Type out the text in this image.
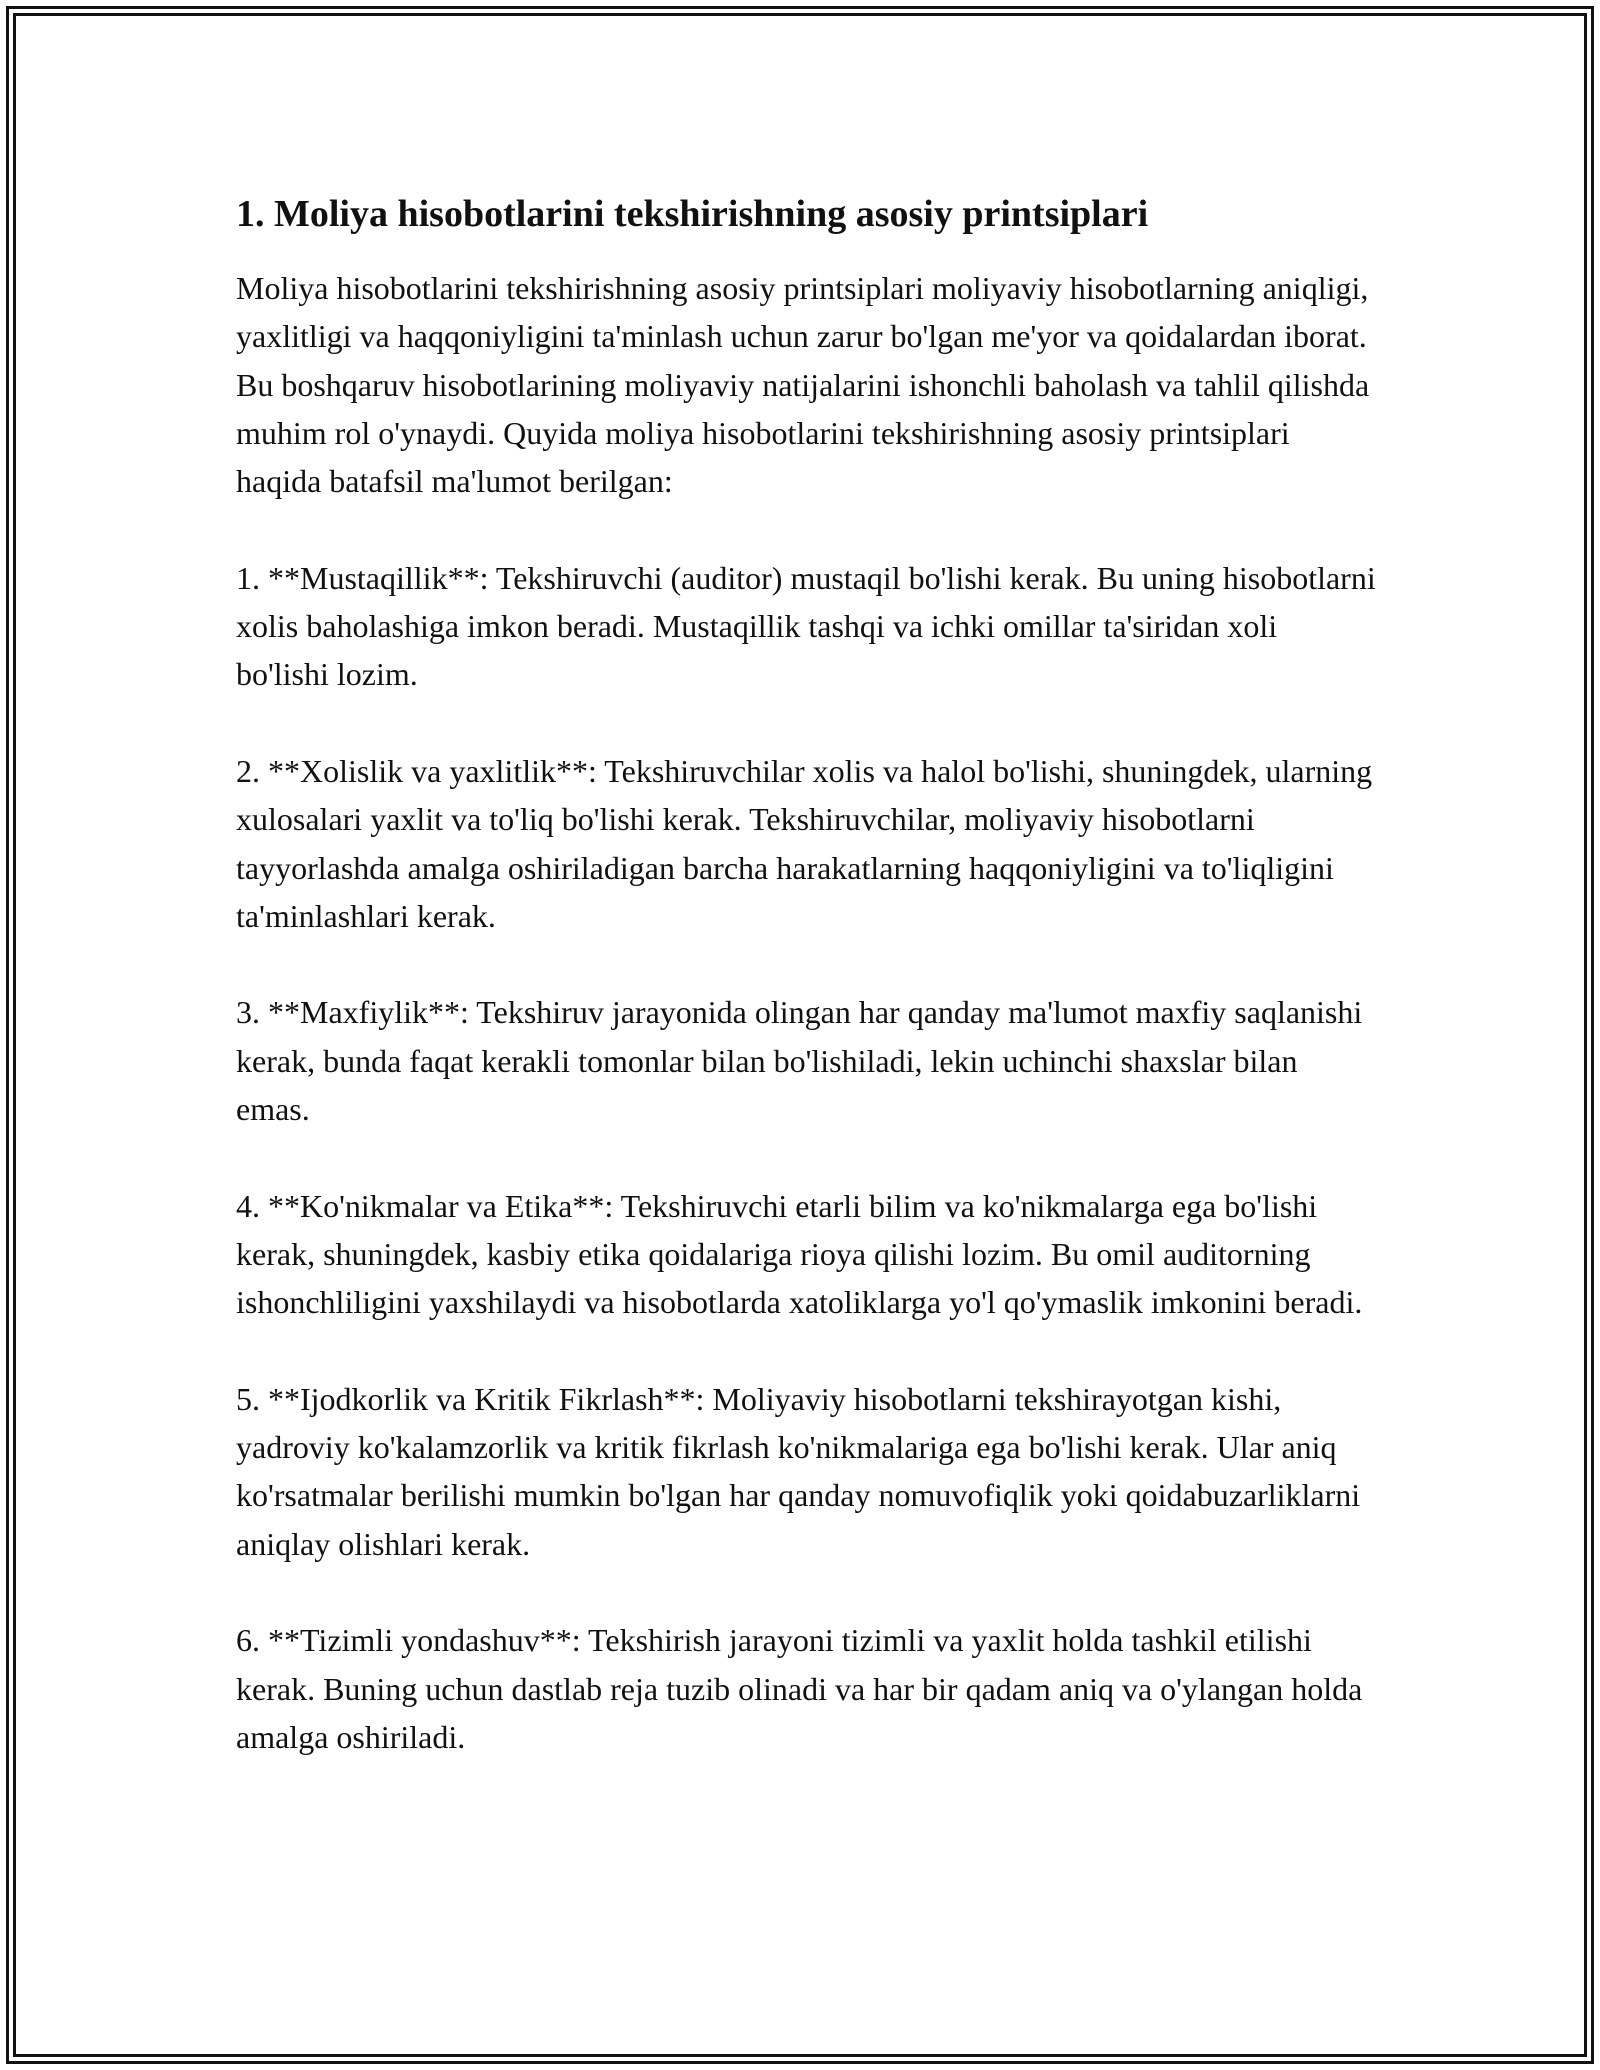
1. Moliya hisobotlarini tekshirishning asosiy printsiplari

Moliya hisobotlarini tekshirishning asosiy printsiplari moliyaviy hisobotlarning aniqligi, yaxlitligi va haqqoniyligini ta'minlash uchun zarur bo'lgan me'yor va qoidalardan iborat. Bu boshqaruv hisobotlarining moliyaviy natijalarini ishonchli baholash va tahlil qilishda muhim rol o'ynaydi. Quyida moliya hisobotlarini tekshirishning asosiy printsiplari haqida batafsil ma'lumot berilgan:

1. **Mustaqillik**: Tekshiruvchi (auditor) mustaqil bo'lishi kerak. Bu uning hisobotlarni xolis baholashiga imkon beradi. Mustaqillik tashqi va ichki omillar ta'siridan xoli bo'lishi lozim.

2. **Xolislik va yaxlitlik**: Tekshiruvchilar xolis va halol bo'lishi, shuningdek, ularning xulosalari yaxlit va to'liq bo'lishi kerak. Tekshiruvchilar, moliyaviy hisobotlarni tayyorlashda amalga oshiriladigan barcha harakatlarning haqqoniyligini va to'liqligini ta'minlashlari kerak.

3. **Maxfiylik**: Tekshiruv jarayonida olingan har qanday ma'lumot maxfiy saqlanishi kerak, bunda faqat kerakli tomonlar bilan bo'lishiladi, lekin uchinchi shaxslar bilan emas.

4. **Ko'nikmalar va Etika**: Tekshiruvchi etarli bilim va ko'nikmalarga ega bo'lishi kerak, shuningdek, kasbiy etika qoidalariga rioya qilishi lozim. Bu omil auditorning ishonchliligini yaxshilaydi va hisobotlarda xatoliklarga yo'l qo'ymaslik imkonini beradi.

5. **Ijodkorlik va Kritik Fikrlash**: Moliyaviy hisobotlarni tekshirayotgan kishi, yadroviy ko'kalamzorlik va kritik fikrlash ko'nikmalariga ega bo'lishi kerak. Ular aniq ko'rsatmalar berilishi mumkin bo'lgan har qanday nomuvofiqlik yoki qoidabuzarliklarni aniqlay olishlari kerak.

6. **Tizimli yondashuv**: Tekshirish jarayoni tizimli va yaxlit holda tashkil etilishi kerak. Buning uchun dastlab reja tuzib olinadi va har bir qadam aniq va o'ylangan holda amalga oshiriladi.
